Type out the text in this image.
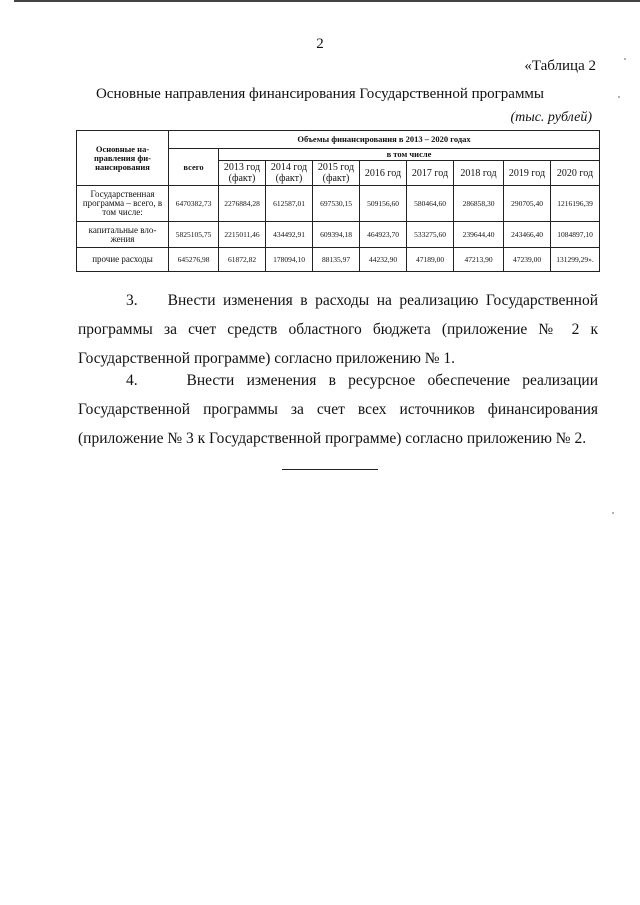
2
«Таблица 2
Основные направления финансирования Государственной программы
(тыс. рублей)
Основные на-правления фи-нансирования	Объемы финансирования в 2013 – 2020 годах								
	всего	в том числе							
		2013 год (факт)	2014 год (факт)	2015 год (факт)	2016 год	2017 год	2018 год	2019 год	2020 год
Государственная программа – всего, в том числе:	6470382,73	2276884,28	612587,01	697530,15	509156,60	580464,60	286858,30	290705,40	1216196,39
капитальные вло-жения	5825105,75	2215011,46	434492,91	609394,18	464923,70	533275,60	239644,40	243466,40	1084897,10
прочие расходы	645276,98	61872,82	178094,10	88135,97	44232,90	47189,00	47213,90	47239,00	131299,29».
3. Внести изменения в расходы на реализацию Государственной программы за счет средств областного бюджета (приложение № 2 к Государственной программе) согласно приложению № 1.
4.	Внести изменения в ресурсное обеспечение реализации Государственной программы за счет всех источников финансирования (приложение № 3 к Государственной программе) согласно приложению № 2.
